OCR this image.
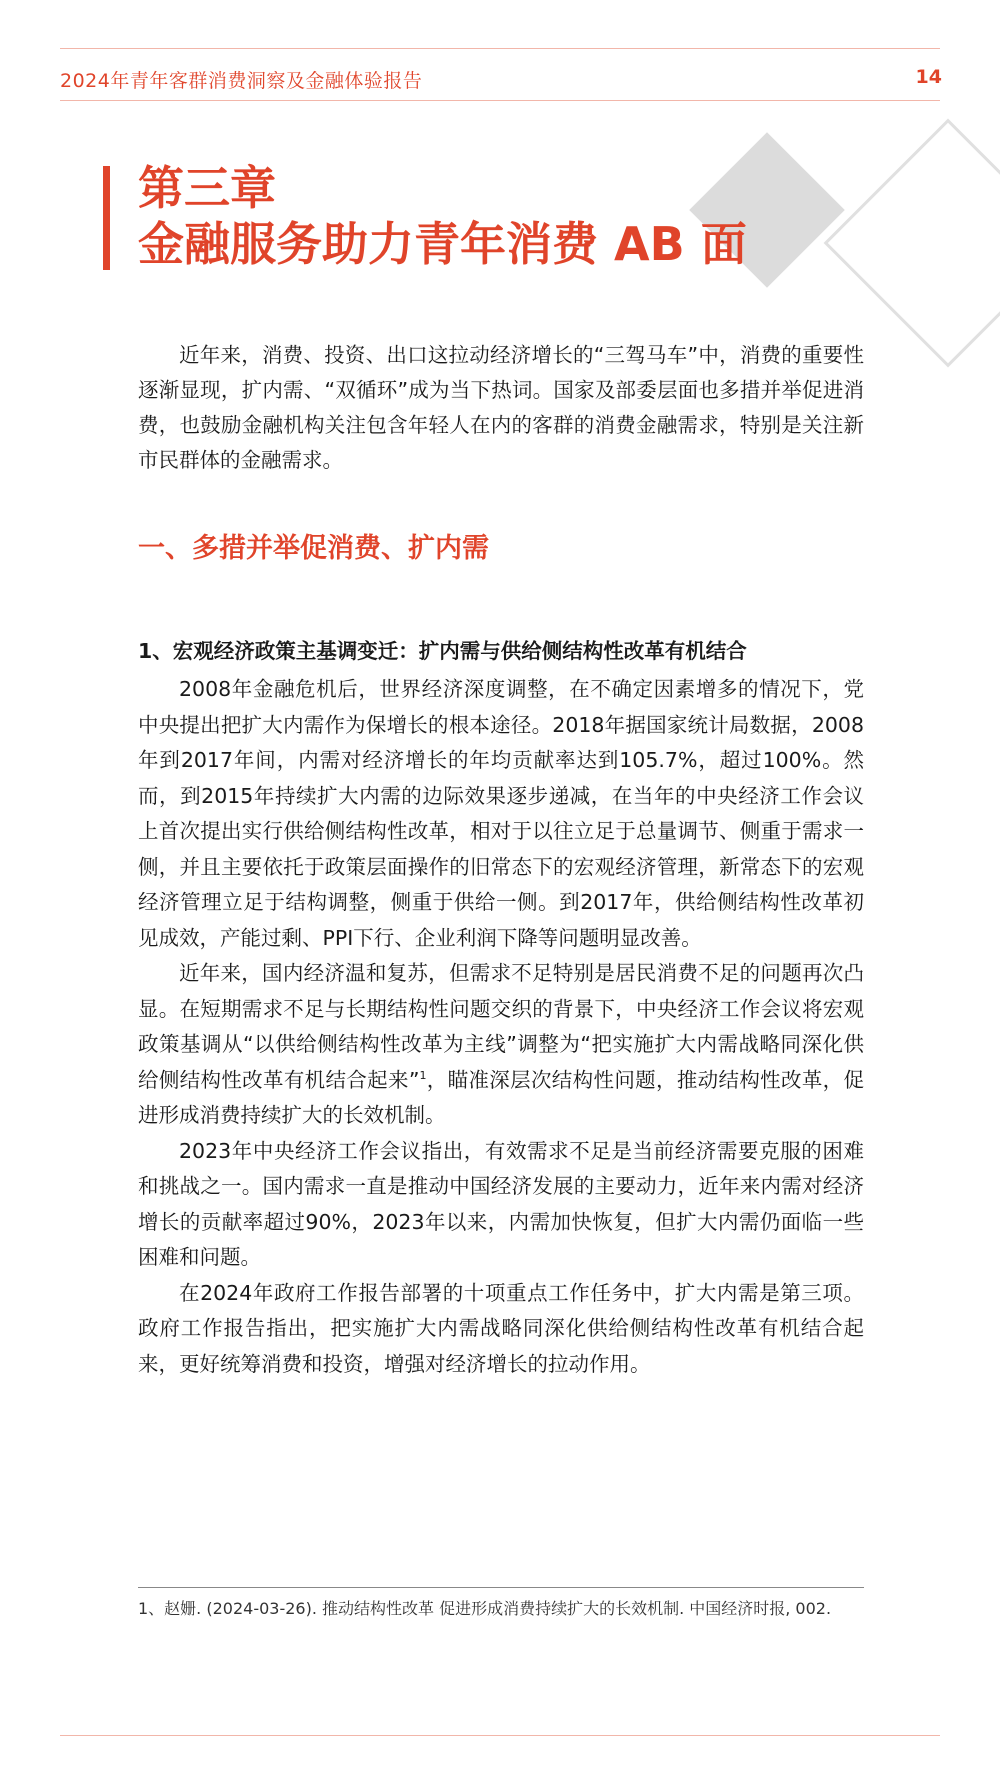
2024年青年客群消费洞察及金融体验报告	14
第三章
金融服务助力青年消费 AB 面

近年来，消费、投资、出口这拉动经济增长的“三驾马车”中，消费的重要性逐渐显现，扩内需、“双循环”成为当下热词。国家及部委层面也多措并举促进消费，也鼓励金融机构关注包含年轻人在内的客群的消费金融需求，特别是关注新市民群体的金融需求。

一、多措并举促消费、扩内需
1、宏观经济政策主基调变迁：扩内需与供给侧结构性改革有机结合

2008年金融危机后，世界经济深度调整，在不确定因素增多的情况下，党中央提出把扩大内需作为保增长的根本途径。2018年据国家统计局数据，2008年到2017年间，内需对经济增长的年均贡献率达到105.7%，超过100%。然而，到2015年持续扩大内需的边际效果逐步递减，在当年的中央经济工作会议上首次提出实行供给侧结构性改革，相对于以往立足于总量调节、侧重于需求一侧，并且主要依托于政策层面操作的旧常态下的宏观经济管理，新常态下的宏观经济管理立足于结构调整，侧重于供给一侧。到2017年，供给侧结构性改革初见成效，产能过剩、PPI下行、企业利润下降等问题明显改善。

近年来，国内经济温和复苏，但需求不足特别是居民消费不足的问题再次凸显。在短期需求不足与长期结构性问题交织的背景下，中央经济工作会议将宏观政策基调从“以供给侧结构性改革为主线”调整为“把实施扩大内需战略同深化供给侧结构性改革有机结合起来”$^1$，瞄准深层次结构性问题，推动结构性改革，促进形成消费持续扩大的长效机制。

2023年中央经济工作会议指出，有效需求不足是当前经济需要克服的困难和挑战之一。国内需求一直是推动中国经济发展的主要动力，近年来内需对经济增长的贡献率超过90%，2023年以来，内需加快恢复，但扩大内需仍面临一些困难和问题。

在2024年政府工作报告部署的十项重点工作任务中，扩大内需是第三项。政府工作报告指出，把实施扩大内需战略同深化供给侧结构性改革有机结合起来，更好统筹消费和投资，增强对经济增长的拉动作用。

1、赵姗. (2024-03-26). 推动结构性改革 促进形成消费持续扩大的长效机制. 中国经济时报, 002.
